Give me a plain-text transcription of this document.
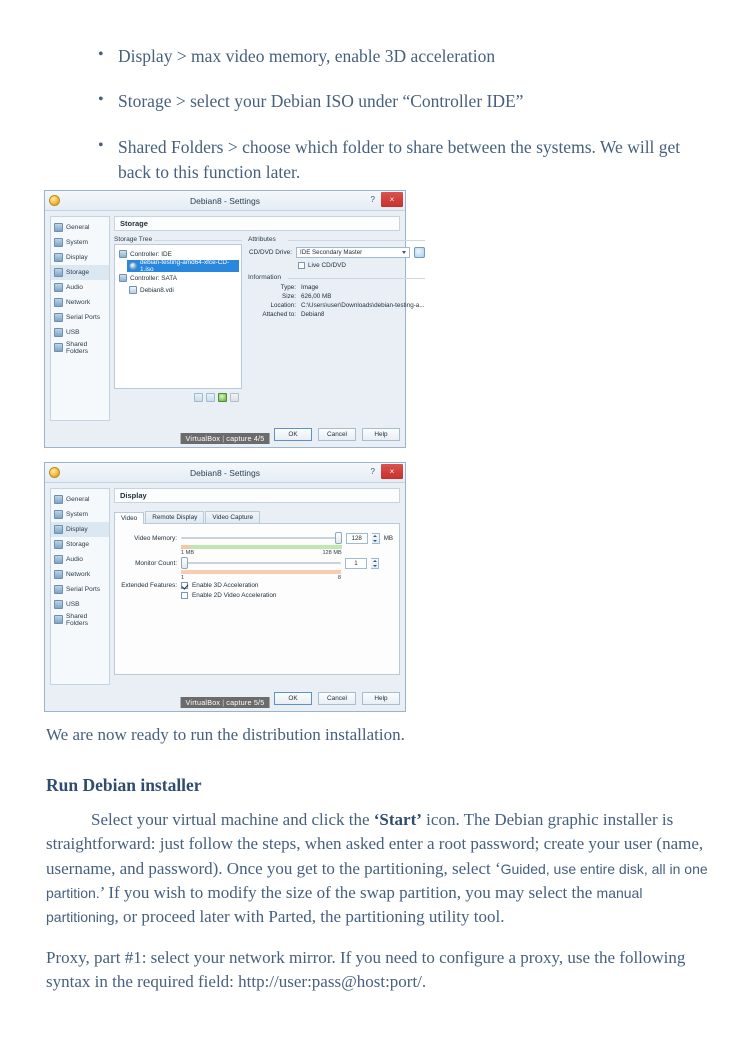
• Display > max video memory, enable 3D acceleration
• Storage > select your Debian ISO under “Controller IDE”
• Shared Folders > choose which folder to share between the systems. We will get back to this function later.
Debian8 - Settings	?	×
General
System
Display
Storage
Audio
Network
Serial Ports
USB
Shared Folders
Storage
Storage Tree
Controller: IDE
debian-testing-amd64-xfce-CD-1.iso
Controller: SATA
Debian8.vdi
Attributes
CD/DVD Drive: IDE Secondary Master
Live CD/DVD
Information
Type: Image
Size: 626,00 MB
Location: C:\Users\user\Downloads\debian-testing-a...
Attached to: Debian8
OK	Cancel	Help
VirtualBox | capture 4/5
Debian8 - Settings	?	×
General
System
Display
Storage
Audio
Network
Serial Ports
USB
Shared Folders
Display
Video	Remote Display	Video Capture
Video Memory:
1 MB	128 MB
128	MB
Monitor Count:
1	8
1
Extended Features: Enable 3D Acceleration
Enable 2D Video Acceleration
OK	Cancel	Help
VirtualBox | capture 5/5
We are now ready to run the distribution installation.
Run Debian installer
Select your virtual machine and click the ‘Start’ icon. The Debian graphic installer is straightforward: just follow the steps, when asked enter a root password; create your user (name, username, and password). Once you get to the partitioning, select ‘Guided, use entire disk, all in one partition.’ If you wish to modify the size of the swap partition, you may select the manual partitioning, or proceed later with Parted, the partitioning utility tool.
Proxy, part #1: select your network mirror. If you need to configure a proxy, use the following syntax in the required field: http://user:pass@host:port/.
